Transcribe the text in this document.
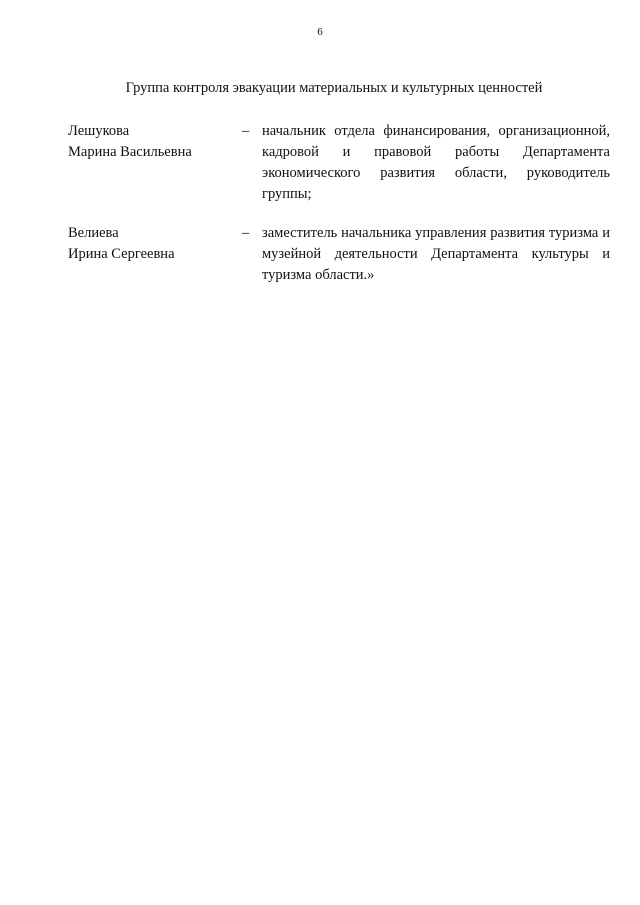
6
Группа контроля эвакуации материальных и культурных ценностей
Лешукова
Марина Васильевна
– начальник отдела финансирования, организационной, кадровой и правовой работы Департамента экономического развития области, руководитель группы;
Велиева
Ирина Сергеевна
– заместитель начальника управления развития туризма и музейной деятельности Департамента культуры и туризма области.»
